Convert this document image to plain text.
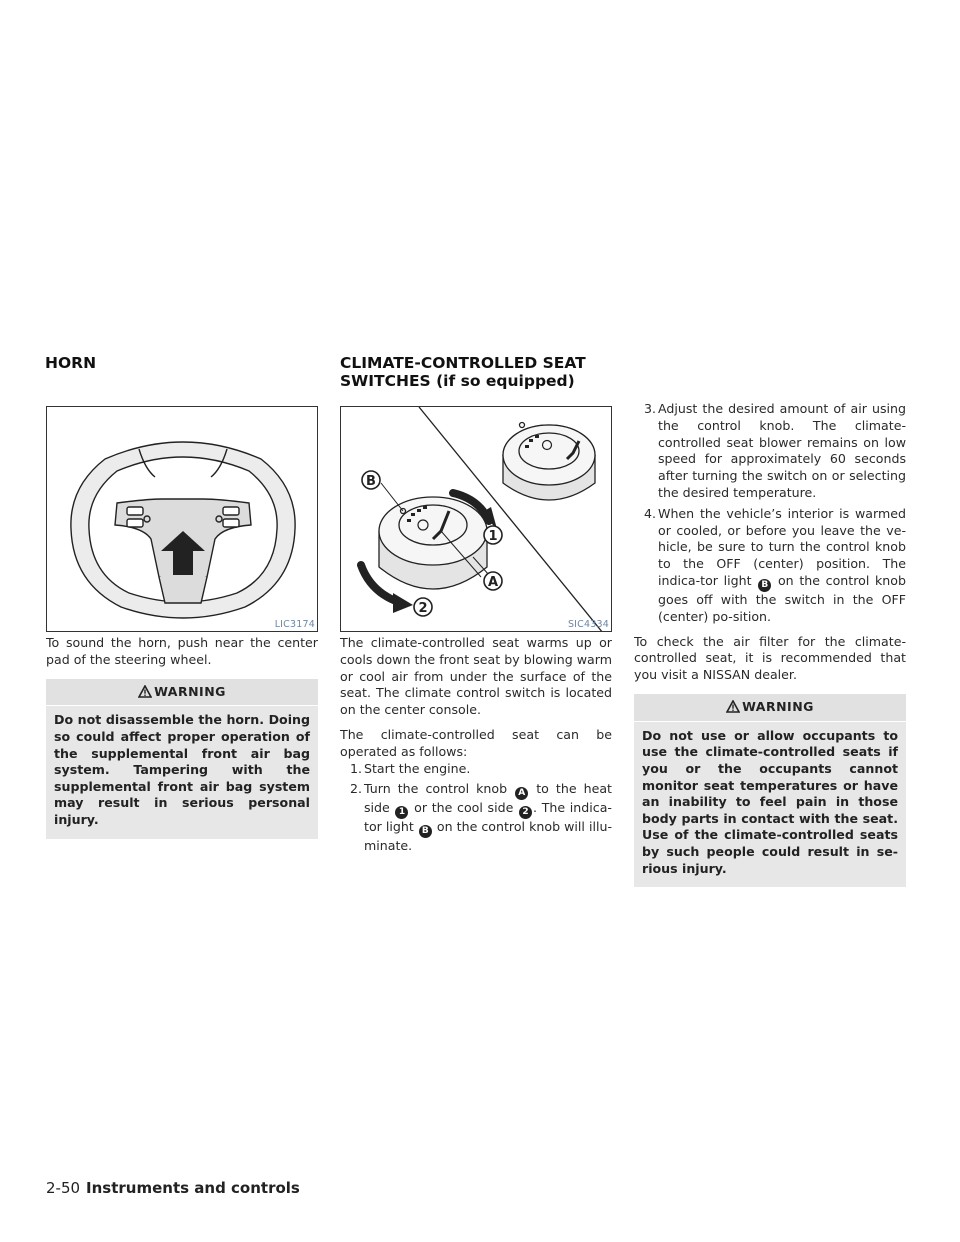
HORN	CLIMATE-CONTROLLED SEAT
SWITCHES (if so equipped)
LIC3174
B
1
A
2
SIC4334

To sound the horn, push near the center pad of the steering wheel.

WARNING

Do not disassemble the horn. Doing so could affect proper operation of the supplemental front air bag system. Tampering with the supplemental front air bag system may result in serious personal injury.

The climate-controlled seat warms up or cools down the front seat by blowing warm or cool air from under the surface of the seat. The climate control switch is located on the center console.

The climate-controlled seat can be operated as follows:

1. Start the engine.
2. Turn the control knob A to the heat side 1 or the cool side 2 . The indica-tor light B on the control knob will illu-minate.
3. Adjust the desired amount of air using the control knob. The climate-controlled seat blower remains on low speed for approximately 60 seconds after turning the switch on or selecting the desired temperature.
4. When the vehicle’s interior is warmed or cooled, or before you leave the ve-hicle, be sure to turn the control knob to the OFF (center) position. The indica-tor light B on the control knob goes off with the switch in the OFF (center) po-sition.

To check the air filter for the climate-controlled seat, it is recommended that you visit a NISSAN dealer.

WARNING

Do not use or allow occupants to use the climate-controlled seats if you or the occupants cannot monitor seat temperatures or have an inability to feel pain in those body parts in contact with the seat. Use of the climate-controlled seats by such people could result in se-rious injury.

2-50 Instruments and controls
